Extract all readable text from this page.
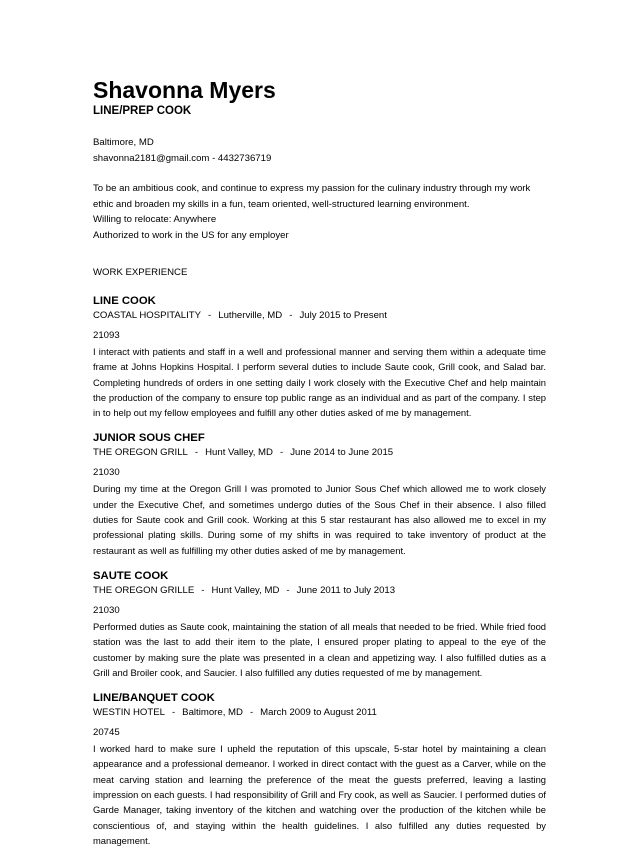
Shavonna Myers
LINE/PREP COOK
Baltimore, MD
shavonna2181@gmail.com - 4432736719
To be an ambitious cook, and continue to express my passion for the culinary industry through my work ethic and broaden my skills in a fun, team oriented, well-structured learning environment.
Willing to relocate: Anywhere
Authorized to work in the US for any employer
WORK EXPERIENCE
LINE COOK
COASTAL HOSPITALITY - Lutherville, MD - July 2015 to Present
21093
I interact with patients and staff in a well and professional manner and serving them within a adequate time frame at Johns Hopkins Hospital. I perform several duties to include Saute cook, Grill cook, and Salad bar. Completing hundreds of orders in one setting daily I work closely with the Executive Chef and help maintain the production of the company to ensure top public range as an individual and as part of the company. I step in to help out my fellow employees and fulfill any other duties asked of me by management.
JUNIOR SOUS CHEF
THE OREGON GRILL - Hunt Valley, MD - June 2014 to June 2015
21030
During my time at the Oregon Grill I was promoted to Junior Sous Chef which allowed me to work closely under the Executive Chef, and sometimes undergo duties of the Sous Chef in their absence. I also filled duties for Saute cook and Grill cook. Working at this 5 star restaurant has also allowed me to excel in my professional plating skills. During some of my shifts in was required to take inventory of product at the restaurant as well as fulfilling my other duties asked of me by management.
SAUTE COOK
THE OREGON GRILLE - Hunt Valley, MD - June 2011 to July 2013
21030
Performed duties as Saute cook, maintaining the station of all meals that needed to be fried. While fried food station was the last to add their item to the plate, I ensured proper plating to appeal to the eye of the customer by making sure the plate was presented in a clean and appetizing way. I also fulfilled duties as a Grill and Broiler cook, and Saucier. I also fulfilled any duties requested of me by management.
LINE/BANQUET COOK
WESTIN HOTEL - Baltimore, MD - March 2009 to August 2011
20745
I worked hard to make sure I upheld the reputation of this upscale, 5-star hotel by maintaining a clean appearance and a professional demeanor. I worked in direct contact with the guest as a Carver, while on the meat carving station and learning the preference of the meat the guests preferred, leaving a lasting impression on each guests. I had responsibility of Grill and Fry cook, as well as Saucier. I performed duties of Garde Manager, taking inventory of the kitchen and watching over the production of the kitchen while be conscientious of, and staying within the health guidelines. I also fulfilled any duties requested by management.
